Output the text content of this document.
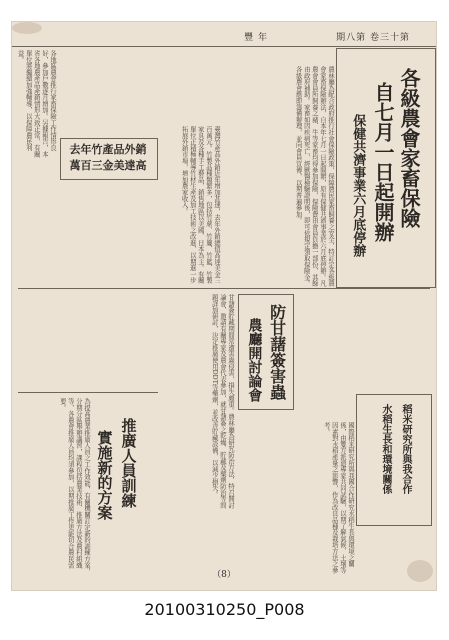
豐 年	期八第 卷三十第
各級農會家畜保險
自七月一日起開辦
保健共濟事業六月底停辦
農林廳為配合政府推行社會保險政策，保障農民家畜飼養之安全，特訂定各級農會家畜保險辦法，自本年七月一日起開辦，原有保健共濟事業於六月底停辦。凡農會會員所飼養之豬、牛等家畜均得參加保險，保險費由會員負擔一部份，其餘由政府補助。家畜如因疾病死亡，經獸醫檢驗證明後，即可依規定領取保險金。各級農會應即籌備辦理，並向會員宣傳，以期普遍參加。
各地區農會推行家畜保險工作情形良好，參加戶數逐月增加。另據報告，本省各地農產品產銷情形大致正常，有關單位將繼續加強輔導，以保障農民利益。
去年竹產品外銷
萬百三金美達高	臺灣竹產品外銷近年增加甚速，去年外銷總值高達美金三百萬元。竹製品種類繁多，包括竹蓆、竹簾、竹籃、竹製家具及各種手工藝品，銷售地區以美國、日本為主。有關單位正積極輔導竹材生產及加工技術之改進，以期進一步拓展外銷市場，增加農家收入。
防甘藷簽害蟲
農廳開討論會
甘藷簽貯藏期間常遭害蟲侵害，損失頗重。農林廳為研究防治方法，特召開討論會，邀請有關專家及農會代表參加，就甘藷簽之乾燥、貯藏及藥劑防治等問題詳加研討，決定推廣使用DDT等藥劑，並改善貯藏設備，以減少損失。
推廣人員訓練
實施新的方案
為提高農業推廣人員之工作效能，有關機關訂定新的訓練方案，分期分區舉辦講習，課程包括農業技術、推廣方法及農村組織等，各農會推廣人員均須參加，以期推廣工作更能切合農民需要。	稻米研究所與我合作
水稻生長和環境關係
國際稻米研究所與我國合作研究水稻生長與環境之關係，由雙方派遣專家共同試驗，以期了解氣候、土壤等因素對水稻產量之影響，作為改良品種及栽培方法之參考。
（8）
20100310250_P008
